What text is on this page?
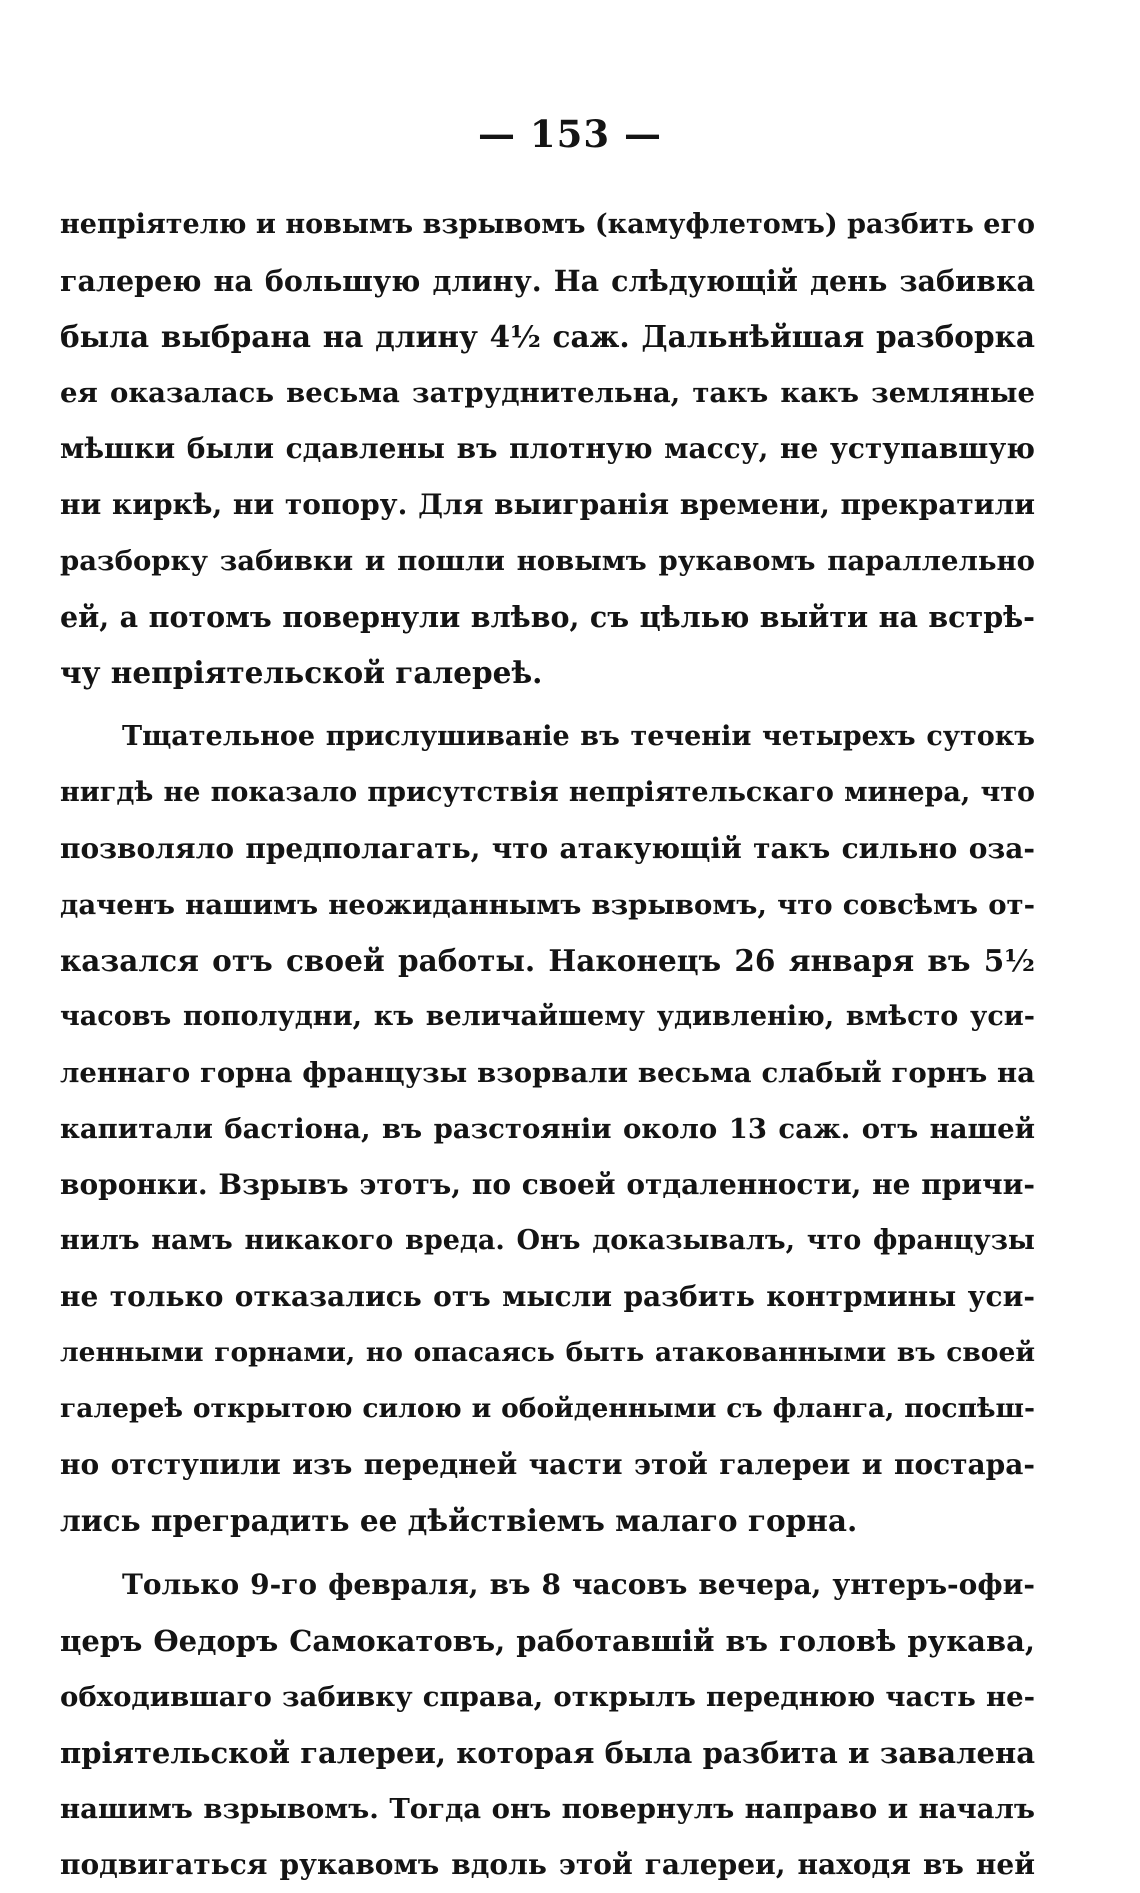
— 153 —
непріятелю и новымъ взрывомъ (камуфлетомъ) разбить его
галерею на большую длину. На слѣдующій день забивка
была выбрана на длину 4½ саж. Дальнѣйшая разборка
ея оказалась весьма затруднительна, такъ какъ земляные
мѣшки были сдавлены въ плотную массу, не уступавшую
ни киркѣ, ни топору. Для выигранія времени, прекратили
разборку забивки и пошли новымъ рукавомъ параллельно
ей, а потомъ повернули влѣво, съ цѣлью выйти на встрѣ-
чу непріятельской галереѣ.
Тщательное прислушиваніе въ теченіи четырехъ сутокъ
нигдѣ не показало присутствія непріятельскаго минера, что
позволяло предполагать, что атакующій такъ сильно оза-
даченъ нашимъ неожиданнымъ взрывомъ, что совсѣмъ от-
казался отъ своей работы. Наконецъ 26 января въ 5½
часовъ пополудни, къ величайшему удивленію, вмѣсто уси-
леннаго горна французы взорвали весьма слабый горнъ на
капитали бастіона, въ разстояніи около 13 саж. отъ нашей
воронки. Взрывъ этотъ, по своей отдаленности, не причи-
нилъ намъ никакого вреда. Онъ доказывалъ, что французы
не только отказались отъ мысли разбить контрмины уси-
ленными горнами, но опасаясь быть атакованными въ своей
галереѣ открытою силою и обойденными съ фланга, поспѣш-
но отступили изъ передней части этой галереи и постара-
лись преградить ее дѣйствіемъ малаго горна.
Только 9-го февраля, въ 8 часовъ вечера, унтеръ-офи-
церъ Ѳедоръ Самокатовъ, работавшій въ головѣ рукава,
обходившаго забивку справа, открылъ переднюю часть не-
пріятельской галереи, которая была разбита и завалена
нашимъ взрывомъ. Тогда онъ повернулъ направо и началъ
подвигаться рукавомъ вдоль этой галереи, находя въ ней
